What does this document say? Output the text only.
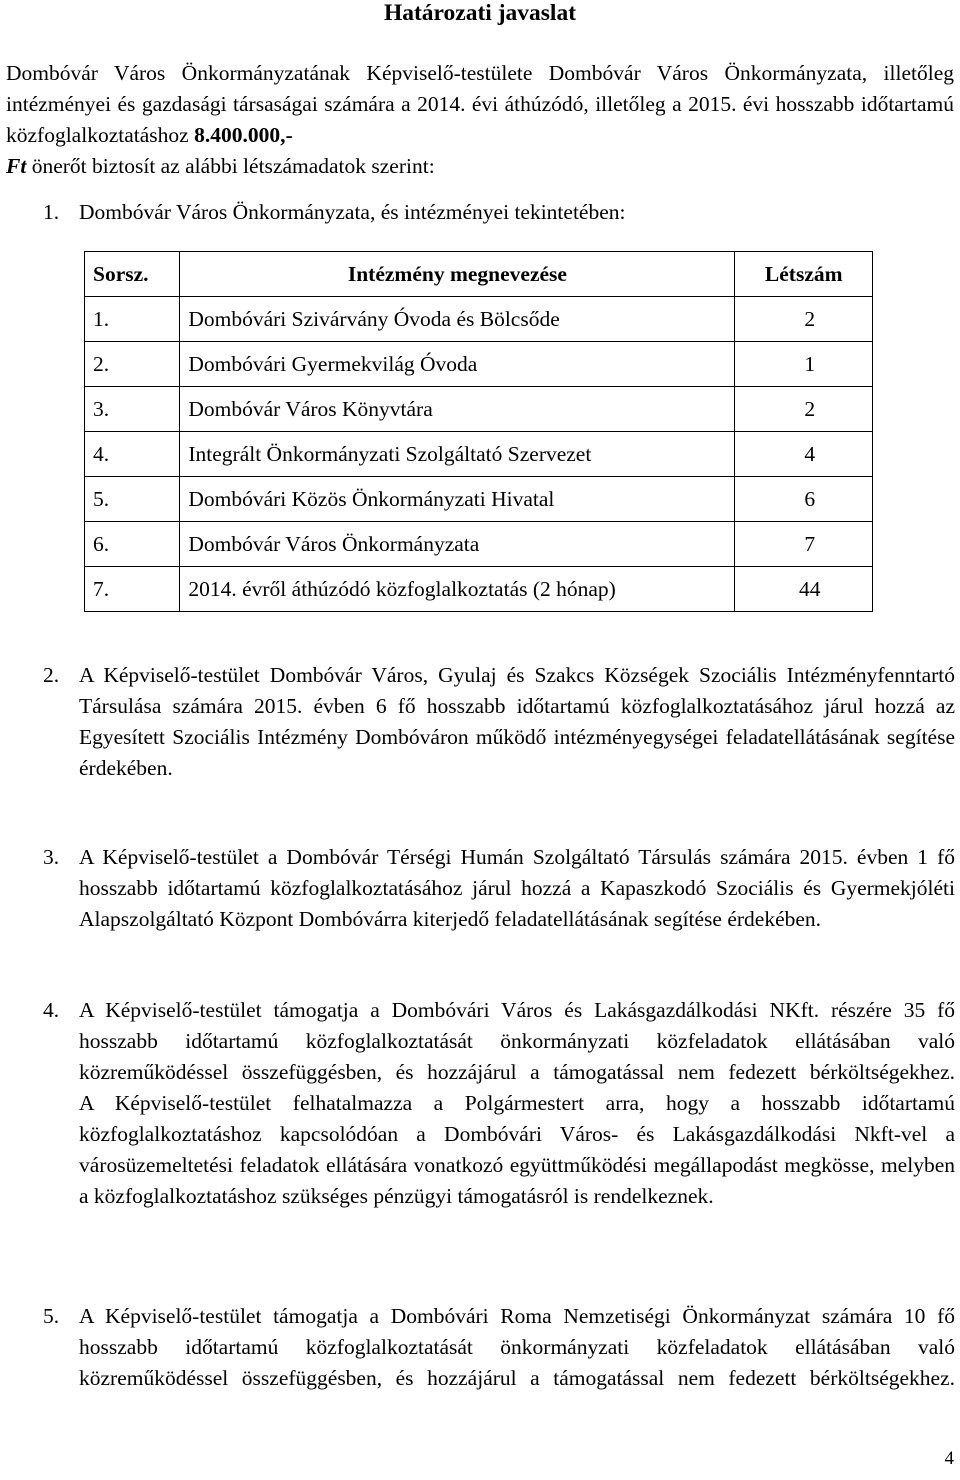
Határozati javaslat
Dombóvár Város Önkormányzatának Képviselő-testülete Dombóvár Város Önkormányzata, illetőleg intézményei és gazdasági társaságai számára a 2014. évi áthúzódó, illetőleg a 2015. évi hosszabb időtartamú közfoglalkoztatáshoz 8.400.000,-
Ft önerőt biztosít az alábbi létszámadatok szerint:
1. Dombóvár Város Önkormányzata, és intézményei tekintetében:
Sorsz.	Intézmény megnevezése	Létszám
1.	Dombóvári Szivárvány Óvoda és Bölcsőde	2
2.	Dombóvári Gyermekvilág Óvoda	1
3.	Dombóvár Város Könyvtára	2
4.	Integrált Önkormányzati Szolgáltató Szervezet	4
5.	Dombóvári Közös Önkormányzati Hivatal	6
6.	Dombóvár Város Önkormányzata	7
7.	2014. évről áthúzódó közfoglalkoztatás (2 hónap)	44
2. A Képviselő-testület Dombóvár Város, Gyulaj és Szakcs Községek Szociális Intézményfenntartó Társulása számára 2015. évben 6 fő hosszabb időtartamú közfoglalkoztatásához járul hozzá az Egyesített Szociális Intézmény Dombóváron működő intézményegységei feladatellátásának segítése érdekében.
3. A Képviselő-testület a Dombóvár Térségi Humán Szolgáltató Társulás számára 2015. évben 1 fő hosszabb időtartamú közfoglalkoztatásához járul hozzá a Kapaszkodó Szociális és Gyermekjóléti Alapszolgáltató Központ Dombóvárra kiterjedő feladatellátásának segítése érdekében.
4. A Képviselő-testület támogatja a Dombóvári Város és Lakásgazdálkodási NKft. részére 35 fő hosszabb időtartamú közfoglalkoztatását önkormányzati közfeladatok ellátásában való közreműködéssel összefüggésben, és hozzájárul a támogatással nem fedezett bérköltségekhez.
A Képviselő-testület felhatalmazza a Polgármestert arra, hogy a hosszabb időtartamú közfoglalkoztatáshoz kapcsolódóan a Dombóvári Város- és Lakásgazdálkodási Nkft-vel a városüzemeltetési feladatok ellátására vonatkozó együttműködési megállapodást megkösse, melyben a közfoglalkoztatáshoz szükséges pénzügyi támogatásról is rendelkeznek.
5. A Képviselő-testület támogatja a Dombóvári Roma Nemzetiségi Önkormányzat számára 10 fő hosszabb időtartamú közfoglalkoztatását önkormányzati közfeladatok ellátásában való közreműködéssel összefüggésben, és hozzájárul a támogatással nem fedezett bérköltségekhez.
4
